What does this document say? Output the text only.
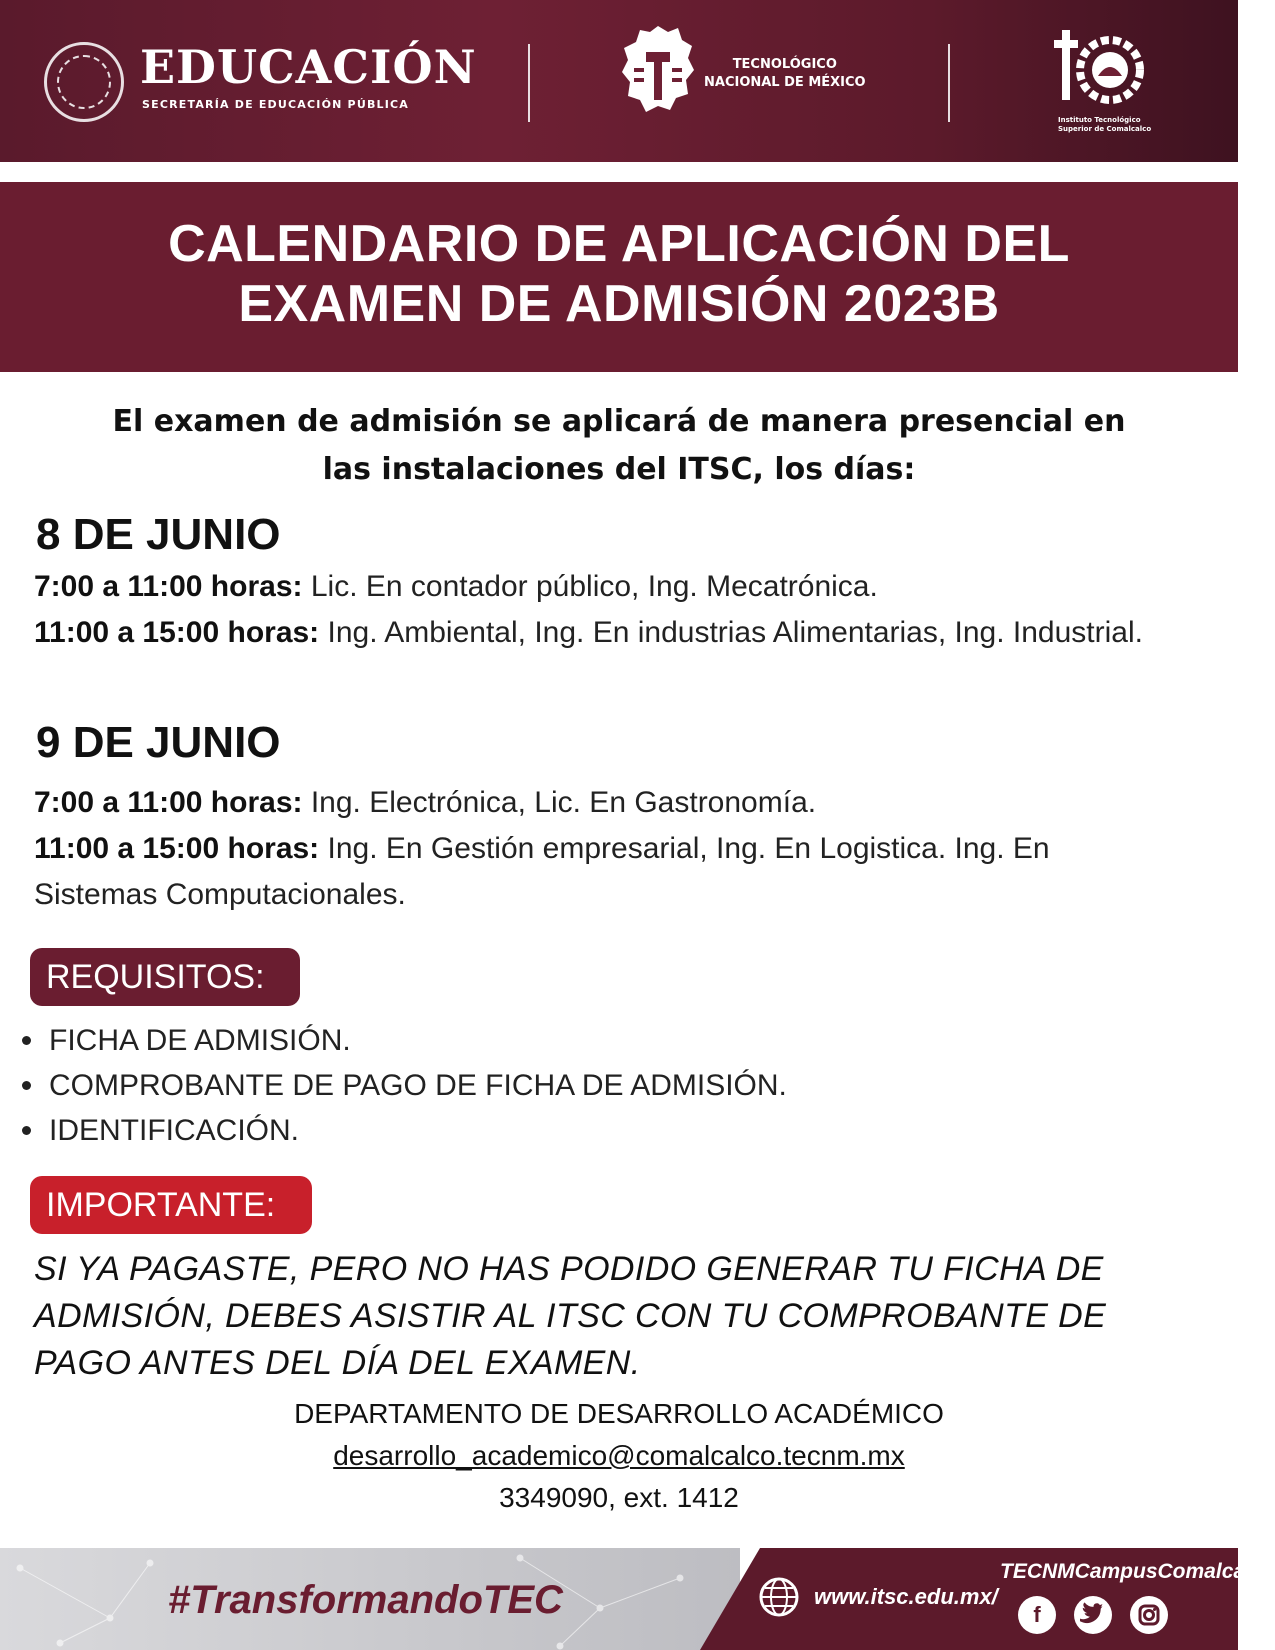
EDUCACIÓN
SECRETARÍA DE EDUCACIÓN PÚBLICA
TECNOLÓGICO
NACIONAL DE MÉXICO
Instituto Tecnológico
Superior de Comalcalco
CALENDARIO DE APLICACIÓN DEL
EXAMEN DE ADMISIÓN 2023B
El examen de admisión se aplicará de manera presencial en
las instalaciones del ITSC, los días:
8 DE JUNIO
7:00 a 11:00 horas: Lic. En contador público, Ing. Mecatrónica.
11:00 a 15:00 horas: Ing. Ambiental, Ing. En industrias Alimentarias, Ing. Industrial.
9 DE JUNIO
7:00 a 11:00 horas: Ing. Electrónica, Lic. En Gastronomía.
11:00 a 15:00 horas: Ing. En Gestión empresarial, Ing. En Logistica. Ing. En Sistemas Computacionales.
REQUISITOS:
FICHA DE ADMISIÓN.
COMPROBANTE DE PAGO DE FICHA DE ADMISIÓN.
IDENTIFICACIÓN.
IMPORTANTE:
SI YA PAGASTE, PERO NO HAS PODIDO GENERAR TU FICHA DE
ADMISIÓN, DEBES ASISTIR AL ITSC CON TU COMPROBANTE DE
PAGO ANTES DEL DÍA DEL EXAMEN.
DEPARTAMENTO DE DESARROLLO ACADÉMICO
desarrollo_academico@comalcalco.tecnm.mx
3349090, ext. 1412
#TransformandoTEC	www.itsc.edu.mx/
TECNMCampusComalcalco
f
